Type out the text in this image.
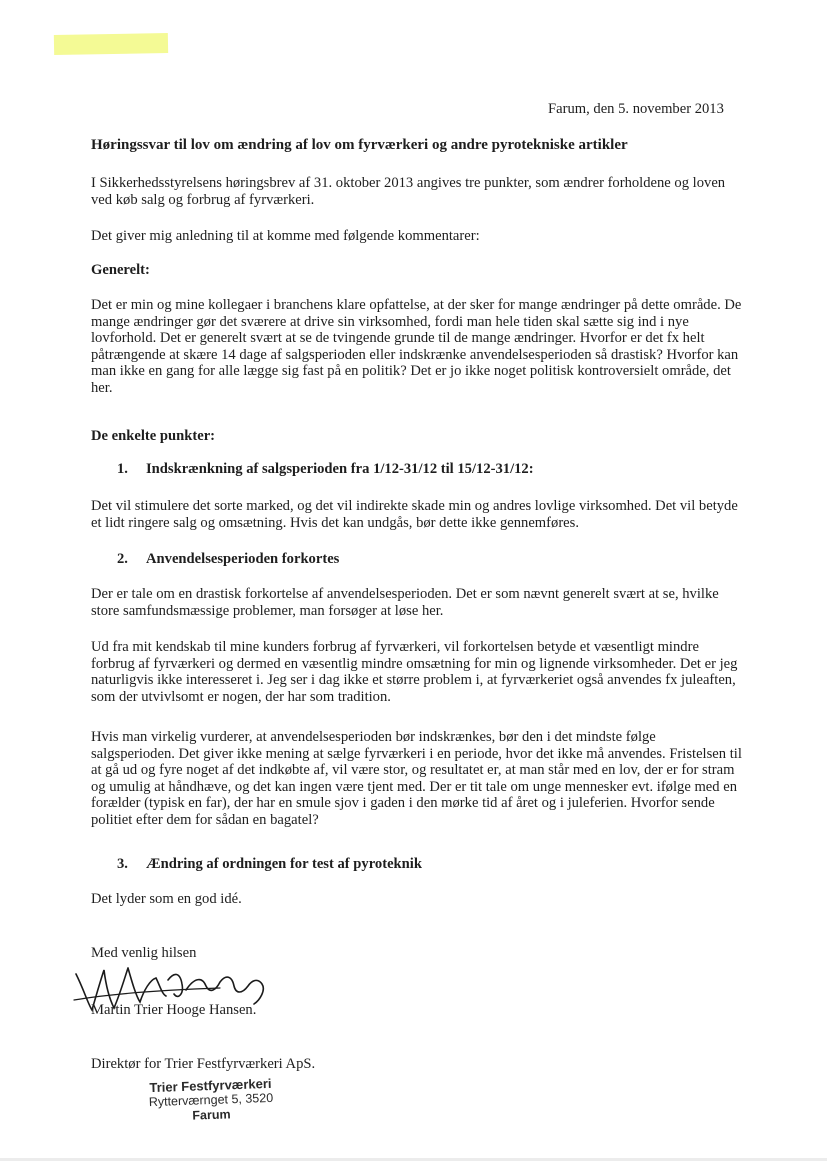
Farum, den 5. november 2013
Høringssvar til lov om ændring af lov om fyrværkeri og andre pyrotekniske artikler

I Sikkerhedsstyrelsens høringsbrev af 31. oktober 2013 angives tre punkter, som ændrer forholdene og loven ved køb salg og forbrug af fyrværkeri.

Det giver mig anledning til at komme med følgende kommentarer:

Generelt:

Det er min og mine kollegaer i branchens klare opfattelse, at der sker for mange ændringer på dette område. De mange ændringer gør det sværere at drive sin virksomhed, fordi man hele tiden skal sætte sig ind i nye lovforhold. Det er generelt svært at se de tvingende grunde til de mange ændringer. Hvorfor er det fx helt påtrængende at skære 14 dage af salgsperioden eller indskrænke anvendelsesperioden så drastisk? Hvorfor kan man ikke en gang for alle lægge sig fast på en politik? Det er jo ikke noget politisk kontroversielt område, det her.

De enkelte punkter:
1. Indskrænkning af salgsperioden fra 1/12-31/12 til 15/12-31/12:

Det vil stimulere det sorte marked, og det vil indirekte skade min og andres lovlige virksomhed. Det vil betyde et lidt ringere salg og omsætning. Hvis det kan undgås, bør dette ikke gennemføres.

2. Anvendelsesperioden forkortes

Der er tale om en drastisk forkortelse af anvendelsesperioden. Det er som nævnt generelt svært at se, hvilke store samfundsmæssige problemer, man forsøger at løse her.

Ud fra mit kendskab til mine kunders forbrug af fyrværkeri, vil forkortelsen betyde et væsentligt mindre forbrug af fyrværkeri og dermed en væsentlig mindre omsætning for min og lignende virksomheder. Det er jeg naturligvis ikke interesseret i. Jeg ser i dag ikke et større problem i, at fyrværkeriet også anvendes fx juleaften, som der utvivlsomt er nogen, der har som tradition.

Hvis man virkelig vurderer, at anvendelsesperioden bør indskrænkes, bør den i det mindste følge salgsperioden. Det giver ikke mening at sælge fyrværkeri i en periode, hvor det ikke må anvendes. Fristelsen til at gå ud og fyre noget af det indkøbte af, vil være stor, og resultatet er, at man står med en lov, der er for stram og umulig at håndhæve, og det kan ingen være tjent med. Der er tit tale om unge mennesker evt. ifølge med en forælder (typisk en far), der har en smule sjov i gaden i den mørke tid af året og i juleferien. Hvorfor sende politiet efter dem for sådan en bagatel?

3. Ændring af ordningen for test af pyroteknik

Det lyder som en god idé.

Med venlig hilsen

Martin Trier Hooge Hansen.

Direktør for Trier Festfyrværkeri ApS.

Trier Festfyrværkeri
Rytterværnget 5, 3520
Farum
